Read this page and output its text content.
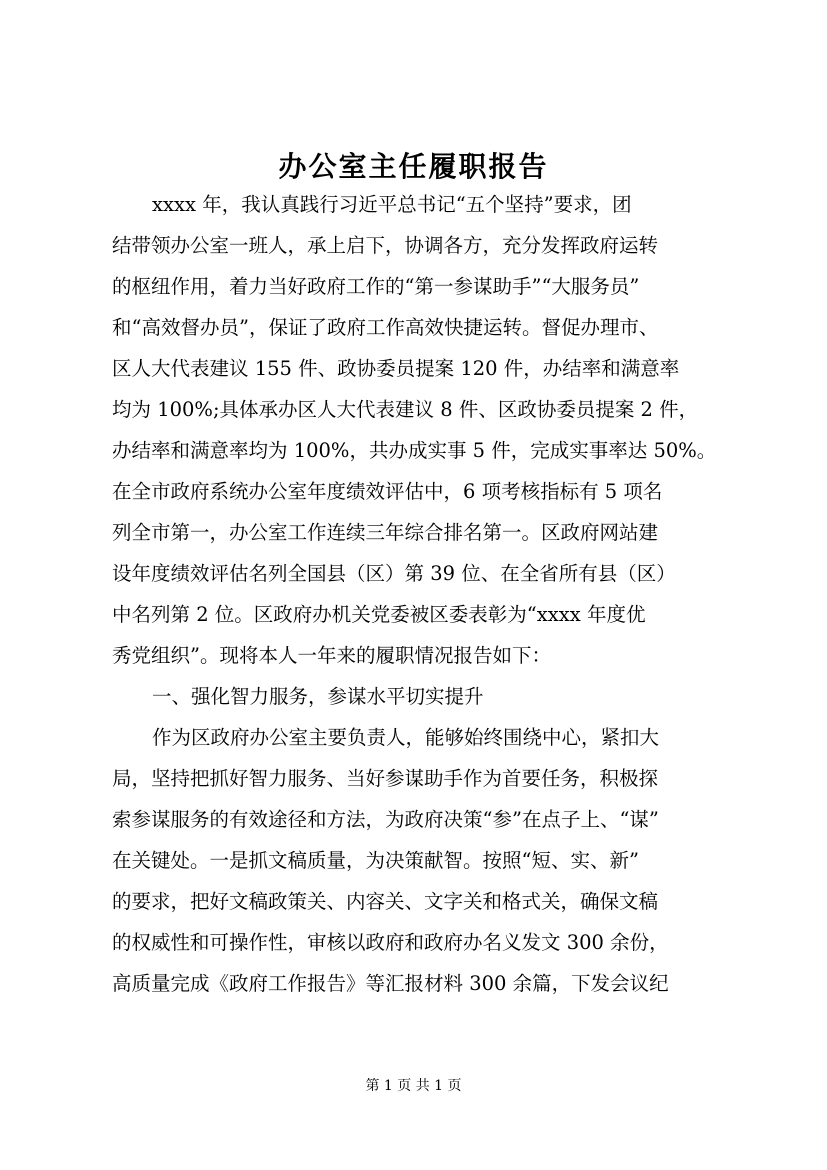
办公室主任履职报告
xxxx 年，我认真践行习近平总书记“五个坚持”要求，团
结带领办公室一班人，承上启下，协调各方，充分发挥政府运转
的枢纽作用，着力当好政府工作的“第一参谋助手”“大服务员”
和“高效督办员”，保证了政府工作高效快捷运转。督促办理市、
区人大代表建议 155 件、政协委员提案 120 件，办结率和满意率
均为 100%;具体承办区人大代表建议 8 件、区政协委员提案 2 件，
办结率和满意率均为 100%，共办成实事 5 件，完成实事率达 50%。
在全市政府系统办公室年度绩效评估中，6 项考核指标有 5 项名
列全市第一，办公室工作连续三年综合排名第一。区政府网站建
设年度绩效评估名列全国县（区）第 39 位、在全省所有县（区）
中名列第 2 位。区政府办机关党委被区委表彰为“xxxx 年度优
秀党组织”。现将本人一年来的履职情况报告如下：
一、强化智力服务，参谋水平切实提升
作为区政府办公室主要负责人，能够始终围绕中心，紧扣大
局，坚持把抓好智力服务、当好参谋助手作为首要任务，积极探
索参谋服务的有效途径和方法，为政府决策“参”在点子上、“谋”
在关键处。一是抓文稿质量，为决策献智。按照“短、实、新”
的要求，把好文稿政策关、内容关、文字关和格式关，确保文稿
的权威性和可操作性，审核以政府和政府办名义发文 300 余份，
高质量完成《政府工作报告》等汇报材料 300 余篇，下发会议纪
第 1 页 共 1 页
